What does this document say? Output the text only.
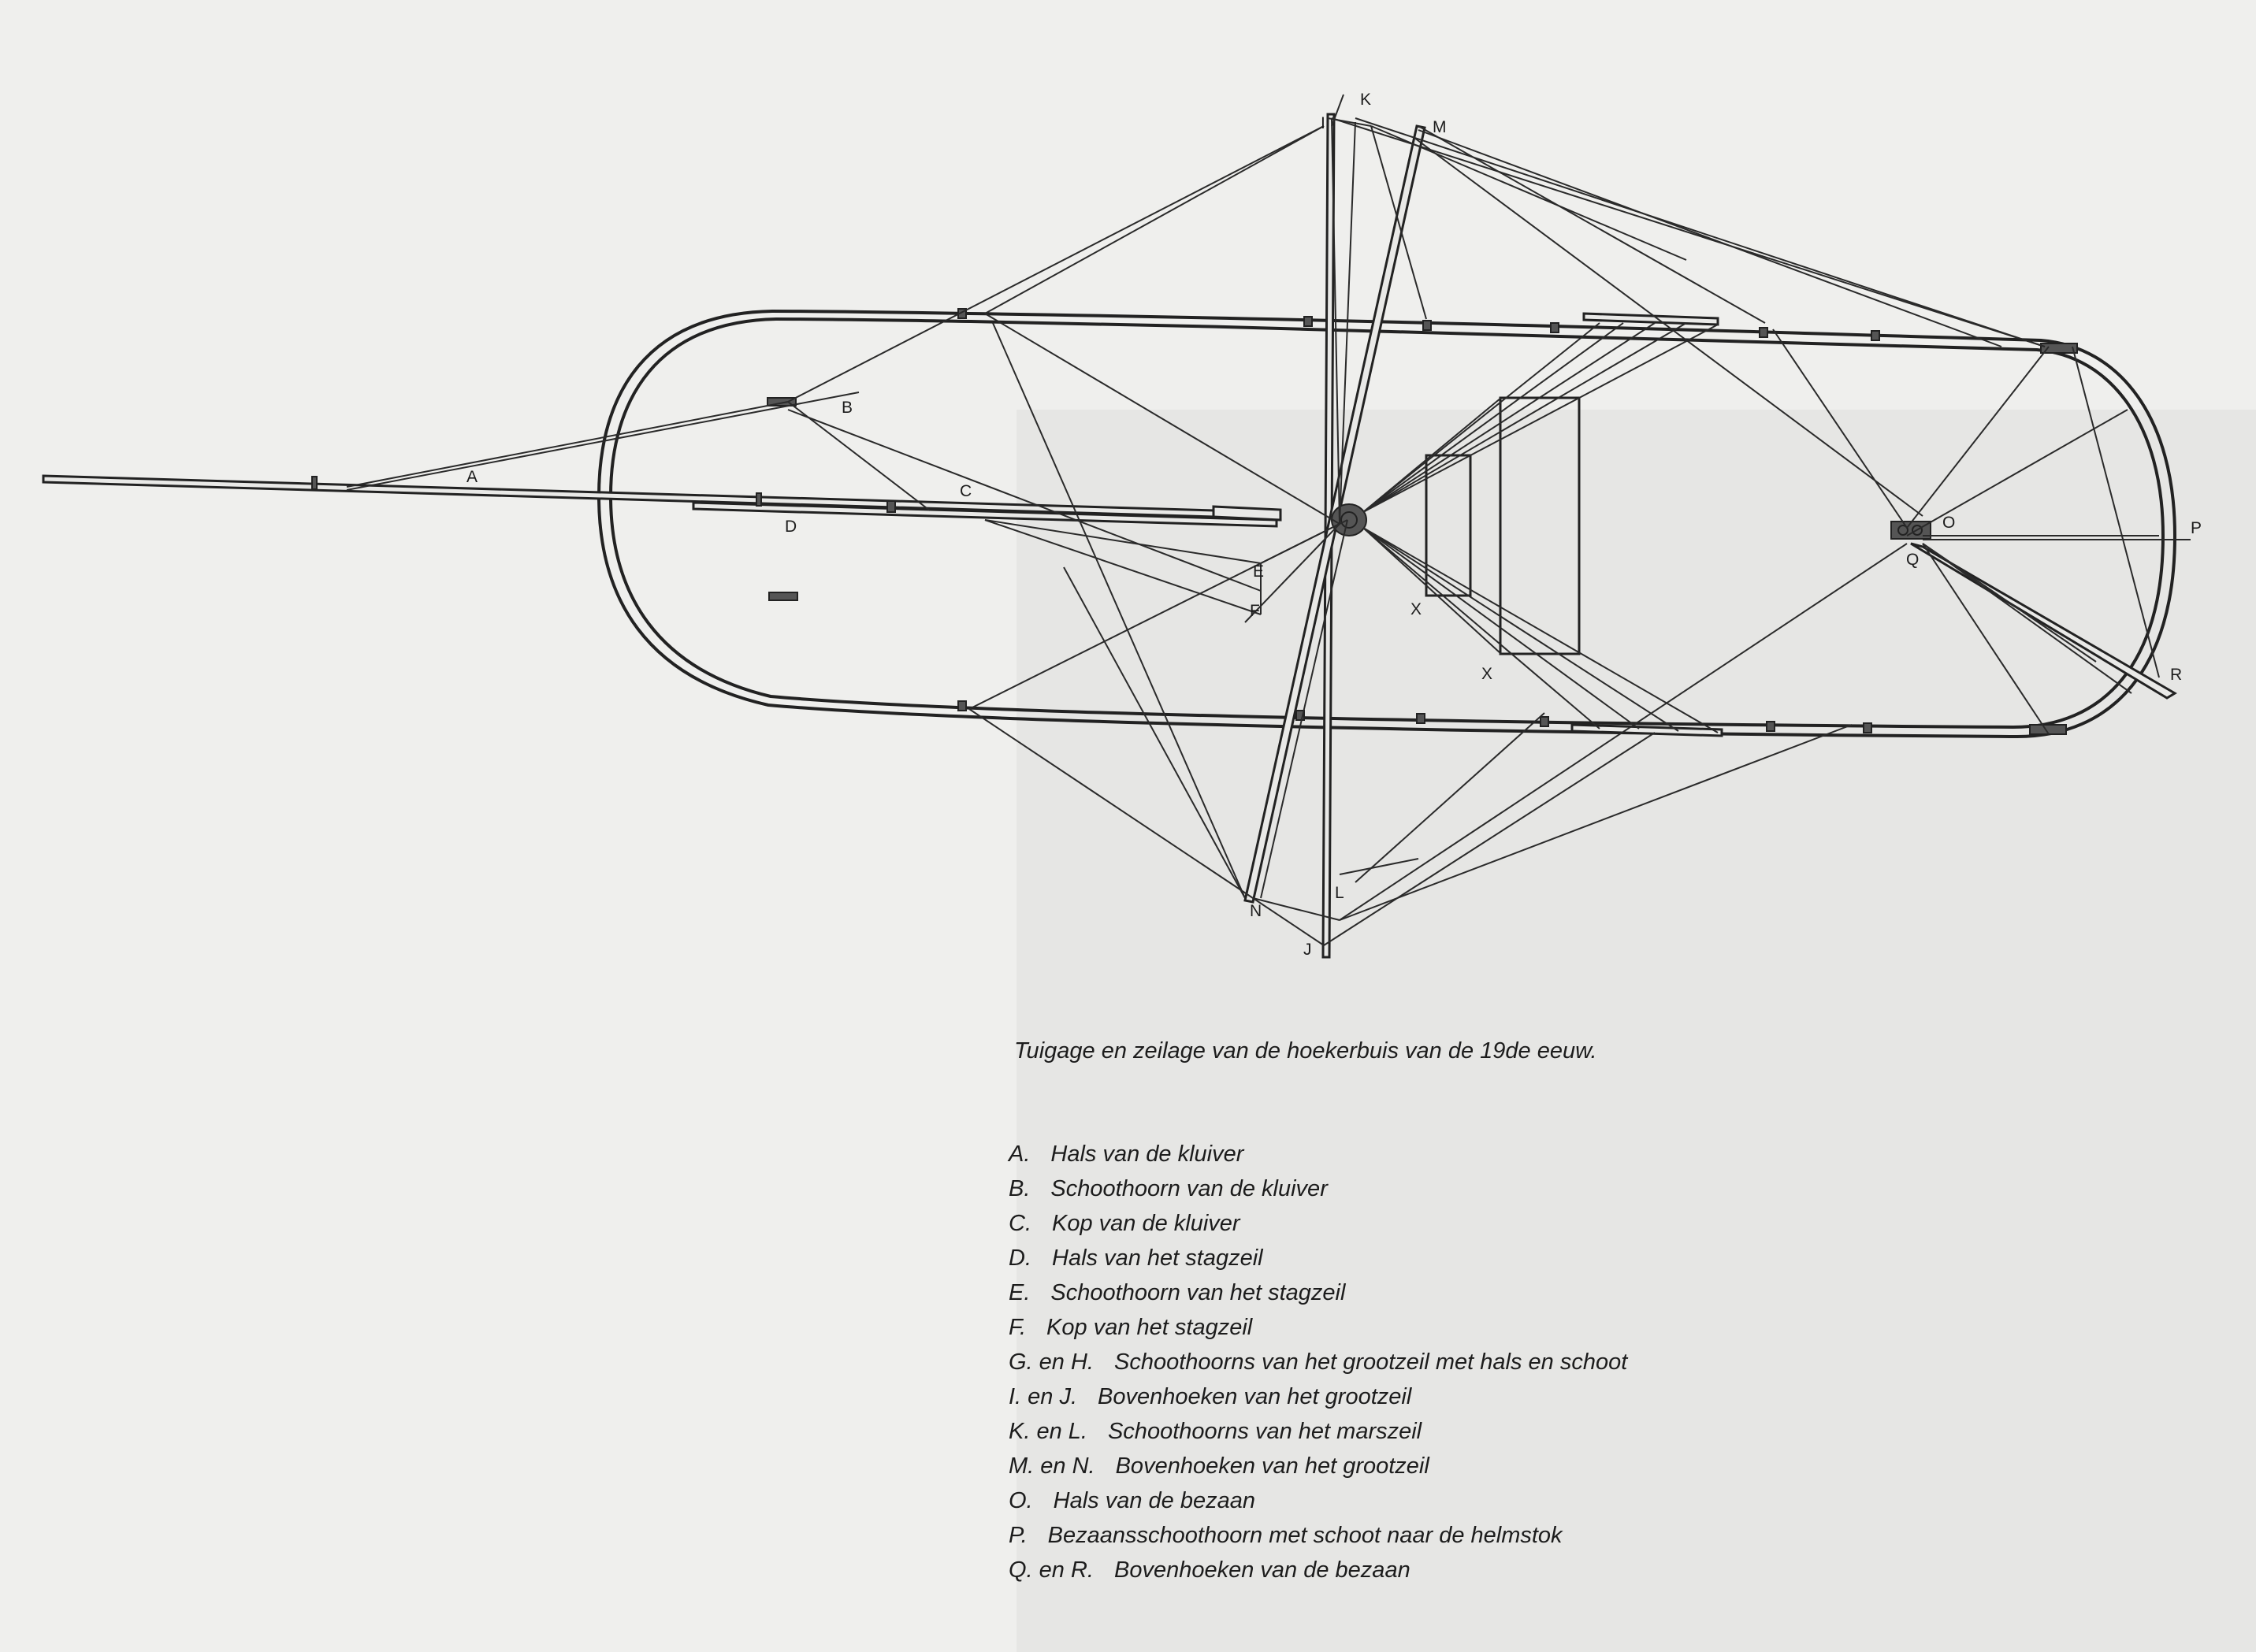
A
B
C
D
E
F
I
J
K
L
M
N
O	P
Q
R
X
X

Tuigage en zeilage van de hoekerbuis van de 19de eeuw.

A. Hals van de kluiver
B. Schoothoorn van de kluiver
C. Kop van de kluiver
D. Hals van het stagzeil
E. Schoothoorn van het stagzeil
F. Kop van het stagzeil
G. en H. Schoothoorns van het grootzeil met hals en schoot
I. en J. Bovenhoeken van het grootzeil
K. en L. Schoothoorns van het marszeil
M. en N. Bovenhoeken van het grootzeil
O. Hals van de bezaan
P. Bezaansschoothoorn met schoot naar de helmstok
Q. en R. Bovenhoeken van de bezaan
